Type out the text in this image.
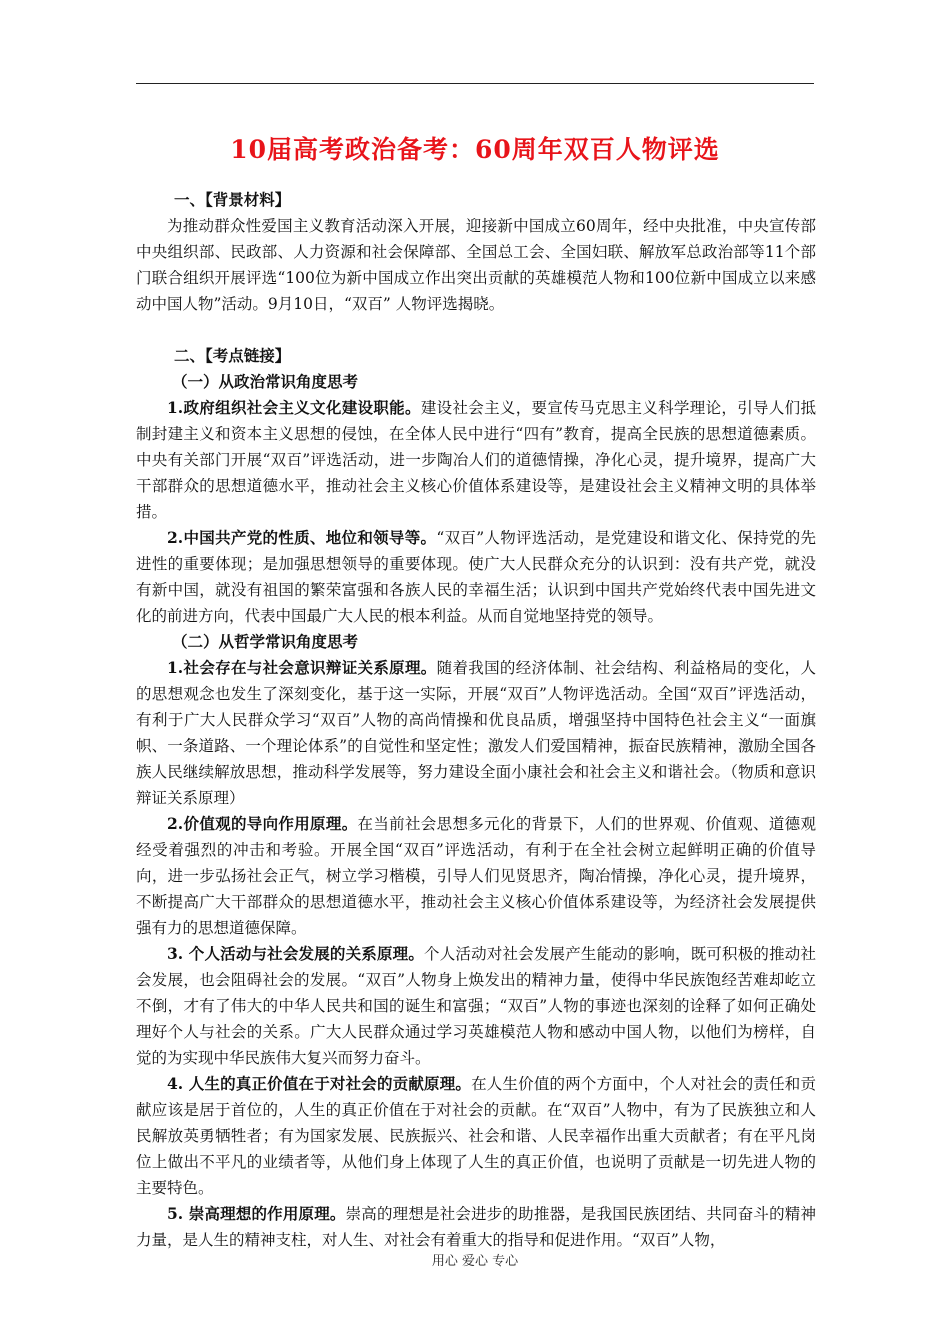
10届高考政治备考：60周年双百人物评选

一、【背景材料】

为推动群众性爱国主义教育活动深入开展，迎接新中国成立60周年，经中央批准，中央宣传部中央组织部、民政部、人力资源和社会保障部、全国总工会、全国妇联、解放军总政治部等11个部门联合组织开展评选“100位为新中国成立作出突出贡献的英雄模范人物和100位新中国成立以来感动中国人物”活动。9月10日，“双百” 人物评选揭晓。

二、【考点链接】

（一）从政治常识角度思考

1.政府组织社会主义文化建设职能。建设社会主义，要宣传马克思主义科学理论，引导人们抵制封建主义和资本主义思想的侵蚀，在全体人民中进行“四有”教育，提高全民族的思想道德素质。中央有关部门开展“双百”评选活动，进一步陶冶人们的道德情操，净化心灵，提升境界，提高广大干部群众的思想道德水平，推动社会主义核心价值体系建设等，是建设社会主义精神文明的具体举措。

2.中国共产党的性质、地位和领导等。“双百”人物评选活动，是党建设和谐文化、保持党的先进性的重要体现；是加强思想领导的重要体现。使广大人民群众充分的认识到：没有共产党，就没有新中国，就没有祖国的繁荣富强和各族人民的幸福生活；认识到中国共产党始终代表中国先进文化的前进方向，代表中国最广大人民的根本利益。从而自觉地坚持党的领导。

（二）从哲学常识角度思考

1.社会存在与社会意识辩证关系原理。随着我国的经济体制、社会结构、利益格局的变化，人的思想观念也发生了深刻变化，基于这一实际，开展“双百”人物评选活动。全国“双百”评选活动，有利于广大人民群众学习“双百”人物的高尚情操和优良品质，增强坚持中国特色社会主义“一面旗帜、一条道路、一个理论体系”的自觉性和坚定性；激发人们爱国精神，振奋民族精神，激励全国各族人民继续解放思想，推动科学发展等，努力建设全面小康社会和社会主义和谐社会。（物质和意识辩证关系原理）

2.价值观的导向作用原理。在当前社会思想多元化的背景下，人们的世界观、价值观、道德观经受着强烈的冲击和考验。开展全国“双百”评选活动，有利于在全社会树立起鲜明正确的价值导向，进一步弘扬社会正气，树立学习楷模，引导人们见贤思齐，陶冶情操，净化心灵，提升境界，不断提高广大干部群众的思想道德水平，推动社会主义核心价值体系建设等，为经济社会发展提供强有力的思想道德保障。

3. 个人活动与社会发展的关系原理。个人活动对社会发展产生能动的影响，既可积极的推动社会发展，也会阻碍社会的发展。“双百”人物身上焕发出的精神力量，使得中华民族饱经苦难却屹立不倒，才有了伟大的中华人民共和国的诞生和富强；“双百”人物的事迹也深刻的诠释了如何正确处理好个人与社会的关系。广大人民群众通过学习英雄模范人物和感动中国人物，以他们为榜样，自觉的为实现中华民族伟大复兴而努力奋斗。

4. 人生的真正价值在于对社会的贡献原理。在人生价值的两个方面中，个人对社会的责任和贡献应该是居于首位的，人生的真正价值在于对社会的贡献。在“双百”人物中，有为了民族独立和人民解放英勇牺牲者；有为国家发展、民族振兴、社会和谐、人民幸福作出重大贡献者；有在平凡岗位上做出不平凡的业绩者等，从他们身上体现了人生的真正价值，也说明了贡献是一切先进人物的主要特色。

5. 崇高理想的作用原理。崇高的理想是社会进步的助推器，是我国民族团结、共同奋斗的精神力量，是人生的精神支柱，对人生、对社会有着重大的指导和促进作用。“双百”人物，

用心 爱心 专心
